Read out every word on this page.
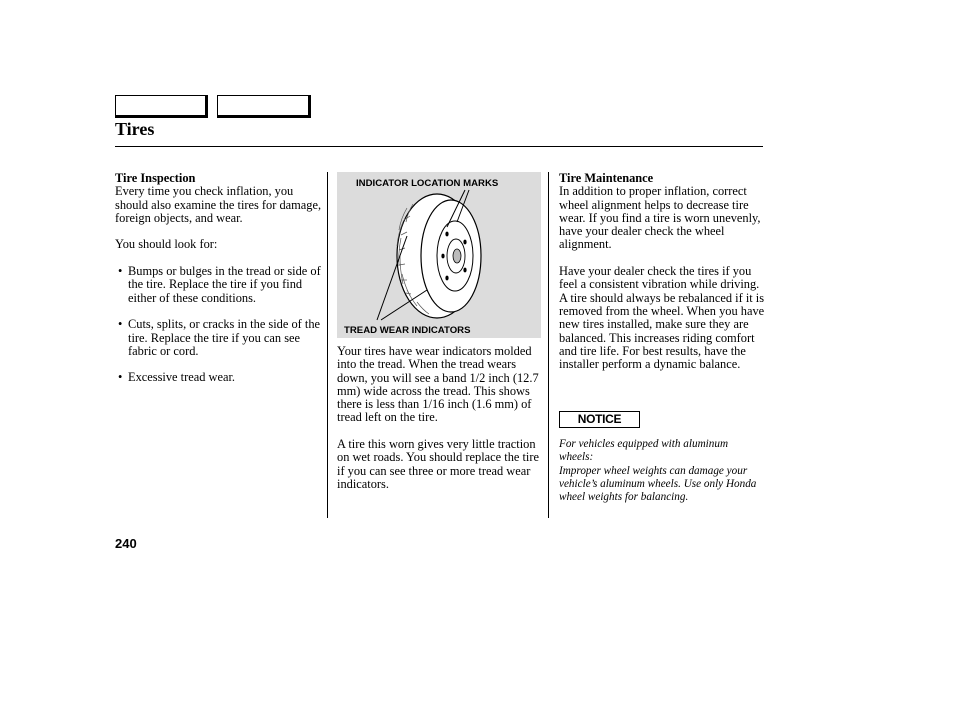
Tires
Tire Inspection

Every time you check inflation, you should also examine the tires for damage, foreign objects, and wear.

You should look for:

• Bumps or bulges in the tread or side of the tire. Replace the tire if you find either of these conditions.
• Cuts, splits, or cracks in the side of the tire. Replace the tire if you can see fabric or cord.
• Excessive tread wear.
INDICATOR LOCATION MARKS
TREAD WEAR INDICATORS

Your tires have wear indicators molded into the tread. When the tread wears down, you will see a band 1/2 inch (12.7 mm) wide across the tread. This shows there is less than 1/16 inch (1.6 mm) of tread left on the tire.

A tire this worn gives very little traction on wet roads. You should replace the tire if you can see three or more tread wear indicators.

Tire Maintenance

In addition to proper inflation, correct wheel alignment helps to decrease tire wear. If you find a tire is worn unevenly, have your dealer check the wheel alignment.

Have your dealer check the tires if you feel a consistent vibration while driving. A tire should always be rebalanced if it is removed from the wheel. When you have new tires installed, make sure they are balanced. This increases riding comfort and tire life. For best results, have the installer perform a dynamic balance.

NOTICE
For vehicles equipped with aluminum wheels:
Improper wheel weights can damage your vehicle’s aluminum wheels. Use only Honda wheel weights for balancing.
240
